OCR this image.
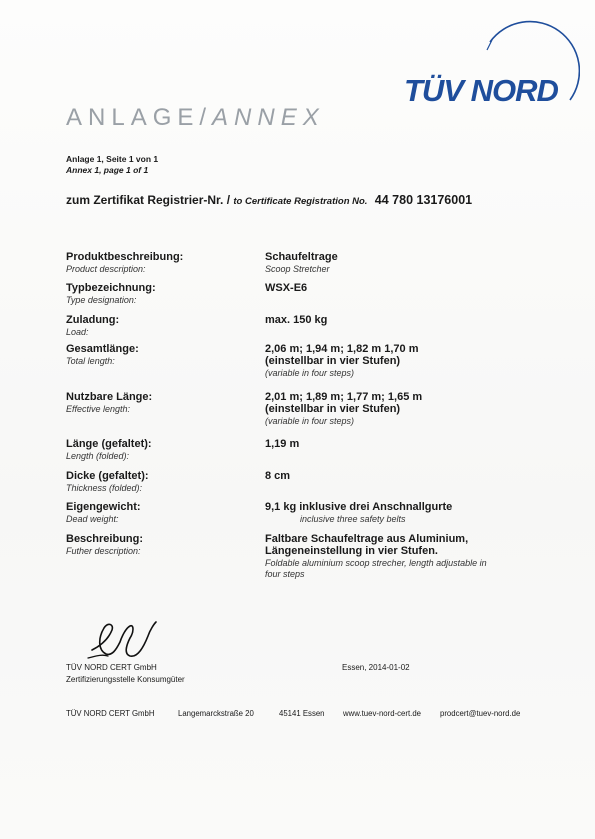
TÜV NORD
ANLAGE/ANNEX
Anlage 1, Seite 1 von 1
Annex 1, page 1 of 1
zum Zertifikat Registrier-Nr. / to Certificate Registration No. 44 780 13176001
Produktbeschreibung:
Product description:
Schaufeltrage
Scoop Stretcher
Typbezeichnung:
Type designation:
WSX-E6
Zuladung:
Load:
max. 150 kg
Gesamtlänge:
Total length:
2,06 m; 1,94 m; 1,82 m 1,70 m
(einstellbar in vier Stufen)
(variable in four steps)
Nutzbare Länge:
Effective length:
2,01 m; 1,89 m; 1,77 m; 1,65 m
(einstellbar in vier Stufen)
(variable in four steps)
Länge (gefaltet):
Length (folded):
1,19 m
Dicke (gefaltet):
Thickness (folded):
8 cm
Eigengewicht:
Dead weight:
9,1 kg inklusive drei Anschnallgurte
inclusive three safety belts
Beschreibung:
Futher description:
Faltbare Schaufeltrage aus Aluminium,
Längeneinstellung in vier Stufen.
Foldable aluminium scoop strecher, length adjustable in
four steps
TÜV NORD CERT GmbH
Zertifizierungsstelle Konsumgüter
Essen, 2014-01-02
TÜV NORD CERT GmbH	Langemarckstraße 20	45141 Essen www.tuev-nord-cert.de prodcert@tuev-nord.de
